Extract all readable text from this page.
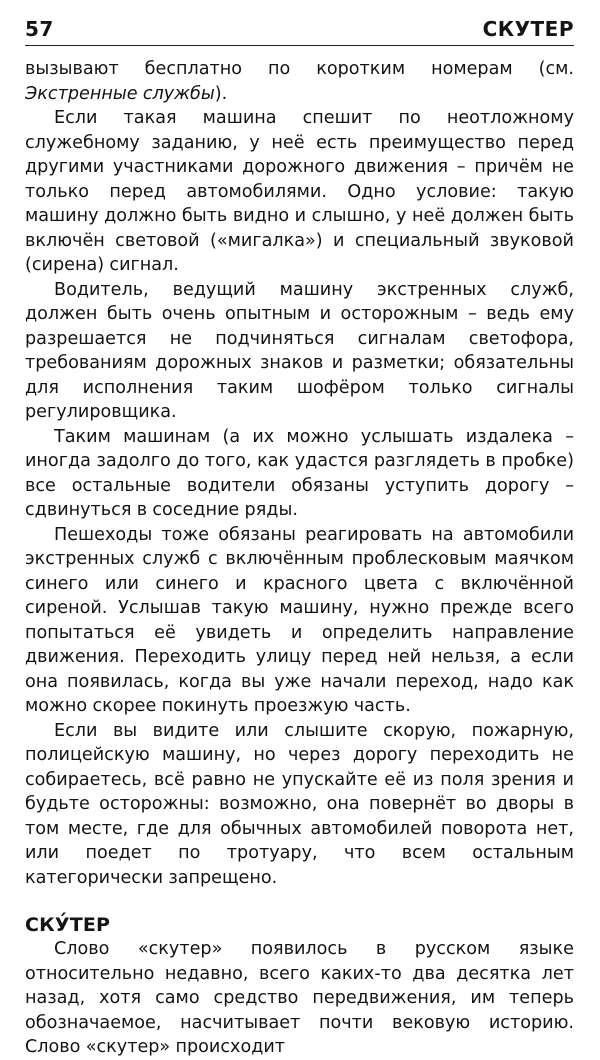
57	СКУТЕР

вызывают бесплатно по коротким номерам (см. Экстренные службы).

Если такая машина спешит по неотложному служебному заданию, у неё есть преимущество перед другими участниками дорожного движения – причём не только перед автомобилями. Одно условие: такую машину должно быть видно и слышно, у неё должен быть включён световой («мигалка») и специальный звуковой (сирена) сигнал.

Водитель, ведущий машину экстренных служб, должен быть очень опытным и осторожным – ведь ему разрешается не подчиняться сигналам светофора, требованиям дорожных знаков и разметки; обязательны для исполнения таким шофёром только сигналы регулировщика.

Таким машинам (а их можно услышать издалека – иногда задолго до того, как удастся разглядеть в пробке) все остальные водители обязаны уступить дорогу – сдвинуться в соседние ряды.

Пешеходы тоже обязаны реагировать на автомобили экстренных служб с включённым проблесковым маячком синего или синего и красного цвета с включённой сиреной. Услышав такую машину, нужно прежде всего попытаться её увидеть и определить направление движения. Переходить улицу перед ней нельзя, а если она появилась, когда вы уже начали переход, надо как можно скорее покинуть проезжую часть.

Если вы видите или слышите скорую, пожарную, полицейскую машину, но через дорогу переходить не собираетесь, всё равно не упускайте её из поля зрения и будьте осторожны: возможно, она повернёт во дворы в том месте, где для обычных автомобилей поворота нет, или поедет по тротуару, что всем остальным категорически запрещено.

СКУ́ТЕР

Слово «скутер» появилось в русском языке относительно недавно, всего каких-то два десятка лет назад, хотя само средство передвижения, им теперь обозначаемое, насчитывает почти вековую историю. Слово «скутер» происходит
